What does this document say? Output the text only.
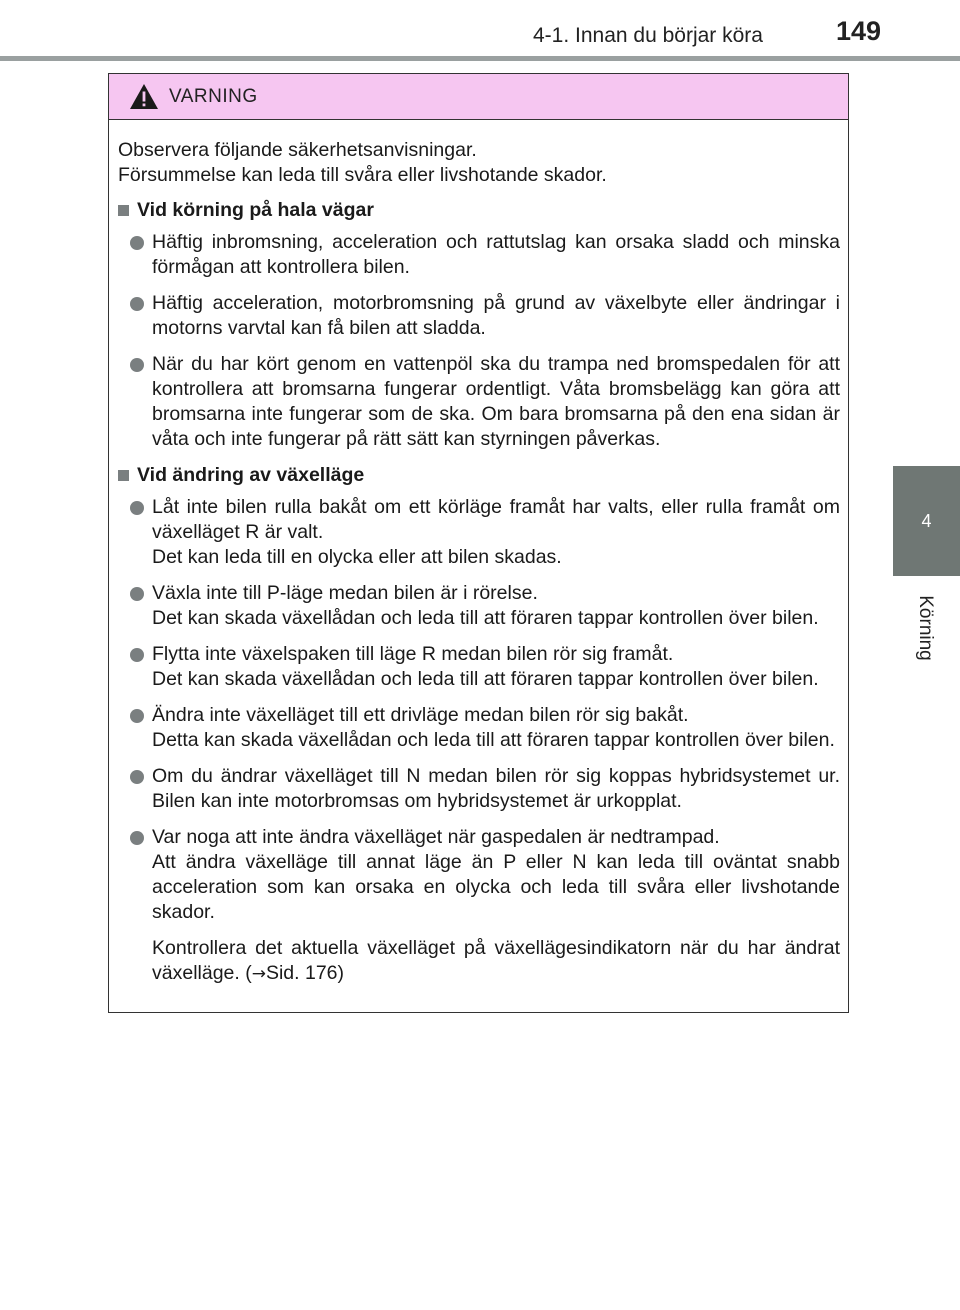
4-1. Innan du börjar köra	149
4
Körning
VARNING

Observera följande säkerhetsanvisningar.
Försummelse kan leda till svåra eller livshotande skador.

Vid körning på hala vägar

Häftig inbromsning, acceleration och rattutslag kan orsaka sladd och minska förmågan att kontrollera bilen.

Häftig acceleration, motorbromsning på grund av växelbyte eller ändringar i motorns varvtal kan få bilen att sladda.

När du har kört genom en vattenpöl ska du trampa ned bromspedalen för att kontrollera att bromsarna fungerar ordentligt. Våta bromsbelägg kan göra att bromsarna inte fungerar som de ska. Om bara bromsarna på den ena sidan är våta och inte fungerar på rätt sätt kan styrningen påverkas.

Vid ändring av växelläge

Låt inte bilen rulla bakåt om ett körläge framåt har valts, eller rulla framåt om växelläget R är valt.
Det kan leda till en olycka eller att bilen skadas.

Växla inte till P-läge medan bilen är i rörelse.
Det kan skada växellådan och leda till att föraren tappar kontrollen över bilen.

Flytta inte växelspaken till läge R medan bilen rör sig framåt.
Det kan skada växellådan och leda till att föraren tappar kontrollen över bilen.

Ändra inte växelläget till ett drivläge medan bilen rör sig bakåt.
Detta kan skada växellådan och leda till att föraren tappar kontrollen över bilen.

Om du ändrar växelläget till N medan bilen rör sig koppas hybridsystemet ur. Bilen kan inte motorbromsas om hybridsystemet är urkopplat.

Var noga att inte ändra växelläget när gaspedalen är nedtrampad.
Att ändra växelläge till annat läge än P eller N kan leda till oväntat snabb acceleration som kan orsaka en olycka och leda till svåra eller livshotande skador.

Kontrollera det aktuella växelläget på växellägesindikatorn när du har ändrat växelläge. (→Sid. 176)
